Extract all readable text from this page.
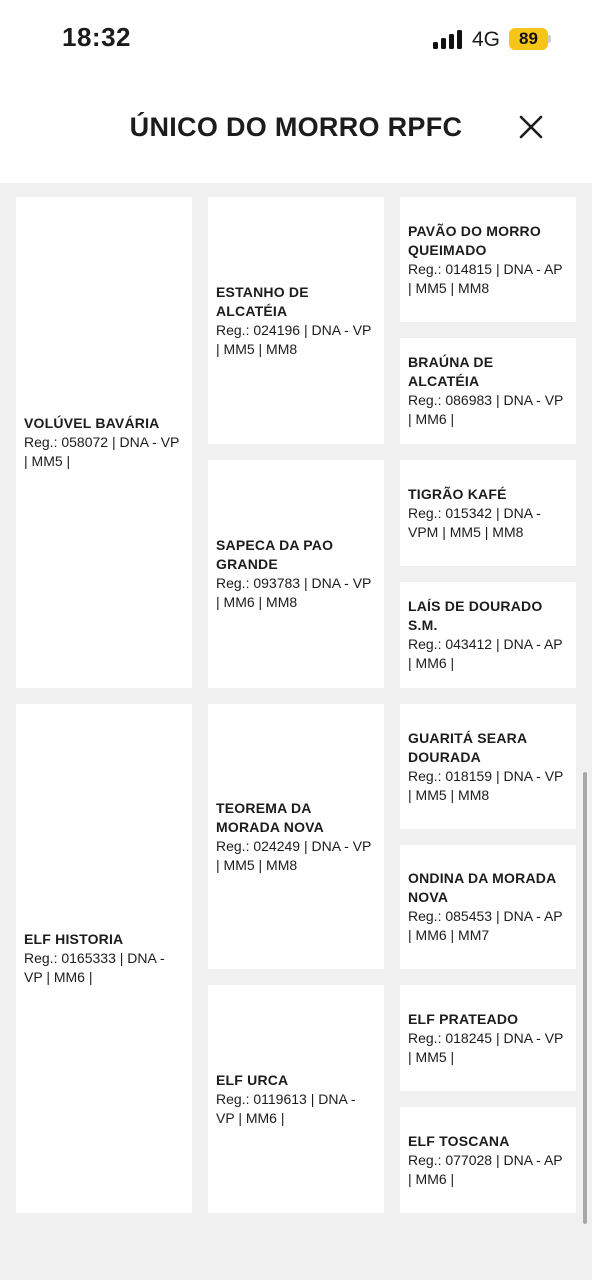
18:32	4G	89
ÚNICO DO MORRO RPFC
VOLÚVEL BAVÁRIA
Reg.: 058072 | DNA - VP | MM5 |
ESTANHO DE ALCATÉIA
Reg.: 024196 | DNA - VP | MM5 | MM8
PAVÃO DO MORRO QUEIMADO
Reg.: 014815 | DNA - AP | MM5 | MM8
BRAÚNA DE ALCATÉIA
Reg.: 086983 | DNA - VP | MM6 |
SAPECA DA PAO GRANDE
Reg.: 093783 | DNA - VP | MM6 | MM8
TIGRÃO KAFÉ
Reg.: 015342 | DNA - VPM | MM5 | MM8
LAÍS DE DOURADO S.M.
Reg.: 043412 | DNA - AP | MM6 |
ELF HISTORIA
Reg.: 0165333 | DNA - VP | MM6 |
TEOREMA DA MORADA NOVA
Reg.: 024249 | DNA - VP | MM5 | MM8
GUARITÁ SEARA DOURADA
Reg.: 018159 | DNA - VP | MM5 | MM8
ONDINA DA MORADA NOVA
Reg.: 085453 | DNA - AP | MM6 | MM7
ELF URCA
Reg.: 0119613 | DNA - VP | MM6 |
ELF PRATEADO
Reg.: 018245 | DNA - VP | MM5 |
ELF TOSCANA
Reg.: 077028 | DNA - AP | MM6 |
